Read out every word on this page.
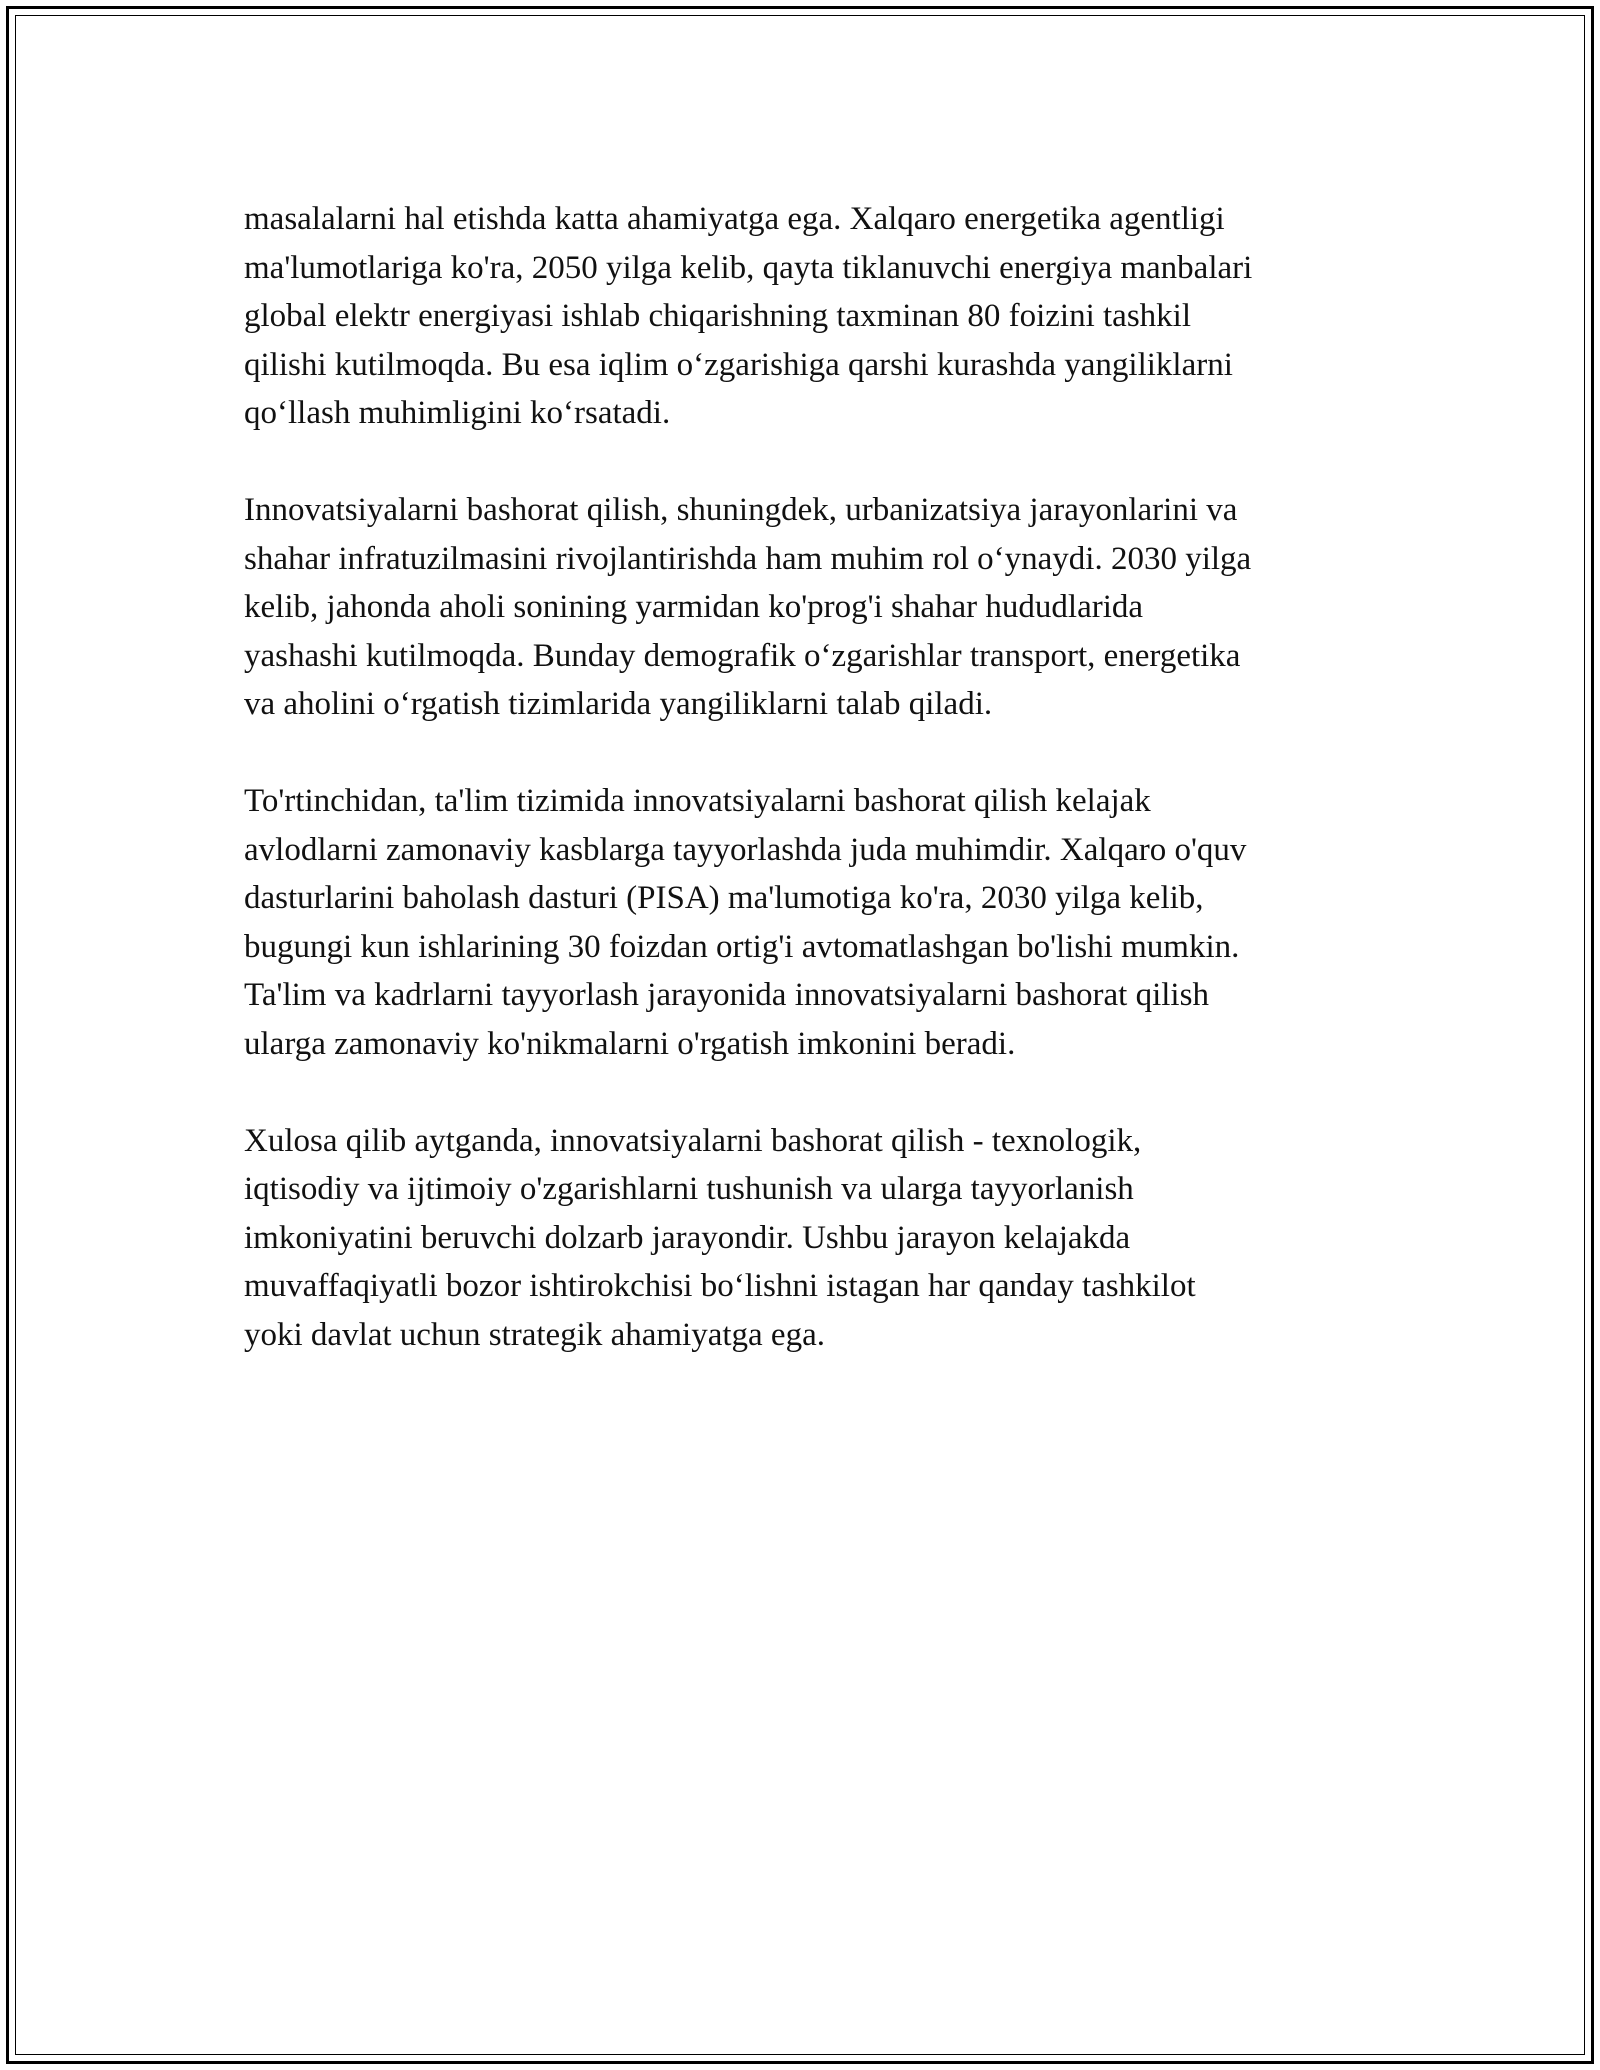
masalalarni hal etishda katta ahamiyatga ega. Xalqaro energetika agentligi
ma'lumotlariga ko'ra, 2050 yilga kelib, qayta tiklanuvchi energiya manbalari
global elektr energiyasi ishlab chiqarishning taxminan 80 foizini tashkil
qilishi kutilmoqda. Bu esa iqlim o‘zgarishiga qarshi kurashda yangiliklarni
qo‘llash muhimligini ko‘rsatadi.

Innovatsiyalarni bashorat qilish, shuningdek, urbanizatsiya jarayonlarini va
shahar infratuzilmasini rivojlantirishda ham muhim rol o‘ynaydi. 2030 yilga
kelib, jahonda aholi sonining yarmidan ko'prog'i shahar hududlarida
yashashi kutilmoqda. Bunday demografik o‘zgarishlar transport, energetika
va aholini o‘rgatish tizimlarida yangiliklarni talab qiladi.

To'rtinchidan, ta'lim tizimida innovatsiyalarni bashorat qilish kelajak
avlodlarni zamonaviy kasblarga tayyorlashda juda muhimdir. Xalqaro o'quv
dasturlarini baholash dasturi (PISA) ma'lumotiga ko'ra, 2030 yilga kelib,
bugungi kun ishlarining 30 foizdan ortig'i avtomatlashgan bo'lishi mumkin.
Ta'lim va kadrlarni tayyorlash jarayonida innovatsiyalarni bashorat qilish
ularga zamonaviy ko'nikmalarni o'rgatish imkonini beradi.

Xulosa qilib aytganda, innovatsiyalarni bashorat qilish - texnologik,
iqtisodiy va ijtimoiy o'zgarishlarni tushunish va ularga tayyorlanish
imkoniyatini beruvchi dolzarb jarayondir. Ushbu jarayon kelajakda
muvaffaqiyatli bozor ishtirokchisi bo‘lishni istagan har qanday tashkilot
yoki davlat uchun strategik ahamiyatga ega.
